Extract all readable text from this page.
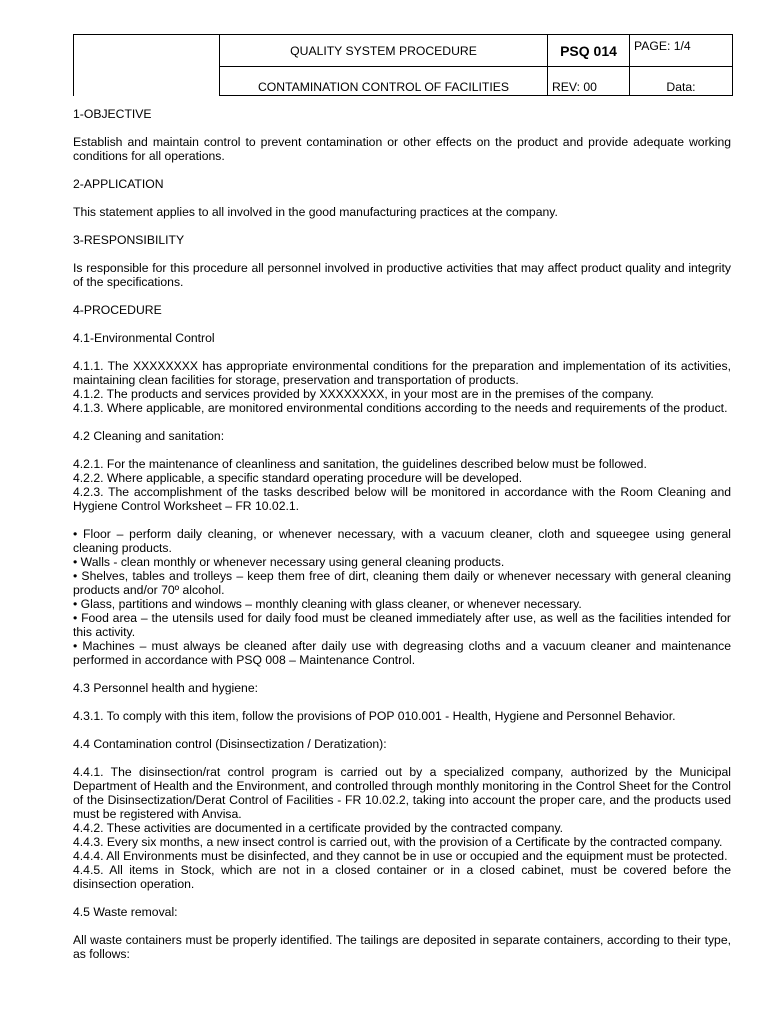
	QUALITY SYSTEM PROCEDURE	PSQ 014	PAGE: 1/4
	CONTAMINATION CONTROL OF FACILITIES	REV: 00	Data:

1-OBJECTIVE

Establish and maintain control to prevent contamination or other effects on the product and provide adequate working conditions for all operations.

2-APPLICATION

This statement applies to all involved in the good manufacturing practices at the company.

3-RESPONSIBILITY

Is responsible for this procedure all personnel involved in productive activities that may affect product quality and integrity of the specifications.

4-PROCEDURE

4.1-Environmental Control

4.1.1. The XXXXXXXX has appropriate environmental conditions for the preparation and implementation of its activities, maintaining clean facilities for storage, preservation and transportation of products.

4.1.2. The products and services provided by XXXXXXXX, in your most are in the premises of the company.

4.1.3. Where applicable, are monitored environmental conditions according to the needs and requirements of the product.

4.2 Cleaning and sanitation:

4.2.1. For the maintenance of cleanliness and sanitation, the guidelines described below must be followed.

4.2.2. Where applicable, a specific standard operating procedure will be developed.

4.2.3. The accomplishment of the tasks described below will be monitored in accordance with the Room Cleaning and Hygiene Control Worksheet – FR 10.02.1.

• Floor – perform daily cleaning, or whenever necessary, with a vacuum cleaner, cloth and squeegee using general cleaning products.

• Walls - clean monthly or whenever necessary using general cleaning products.

• Shelves, tables and trolleys – keep them free of dirt, cleaning them daily or whenever necessary with general cleaning products and/or 70º alcohol.

• Glass, partitions and windows – monthly cleaning with glass cleaner, or whenever necessary.

• Food area – the utensils used for daily food must be cleaned immediately after use, as well as the facilities intended for this activity.

• Machines – must always be cleaned after daily use with degreasing cloths and a vacuum cleaner and maintenance performed in accordance with PSQ 008 – Maintenance Control.

4.3 Personnel health and hygiene:

4.3.1. To comply with this item, follow the provisions of POP 010.001 - Health, Hygiene and Personnel Behavior.

4.4 Contamination control (Disinsectization / Deratization):

4.4.1. The disinsection/rat control program is carried out by a specialized company, authorized by the Municipal Department of Health and the Environment, and controlled through monthly monitoring in the Control Sheet for the Control of the Disinsectization/Derat Control of Facilities - FR 10.02.2, taking into account the proper care, and the products used must be registered with Anvisa.

4.4.2. These activities are documented in a certificate provided by the contracted company.

4.4.3. Every six months, a new insect control is carried out, with the provision of a Certificate by the contracted company.

4.4.4. All Environments must be disinfected, and they cannot be in use or occupied and the equipment must be protected.

4.4.5. All items in Stock, which are not in a closed container or in a closed cabinet, must be covered before the disinsection operation.

4.5 Waste removal:

All waste containers must be properly identified. The tailings are deposited in separate containers, according to their type, as follows:
